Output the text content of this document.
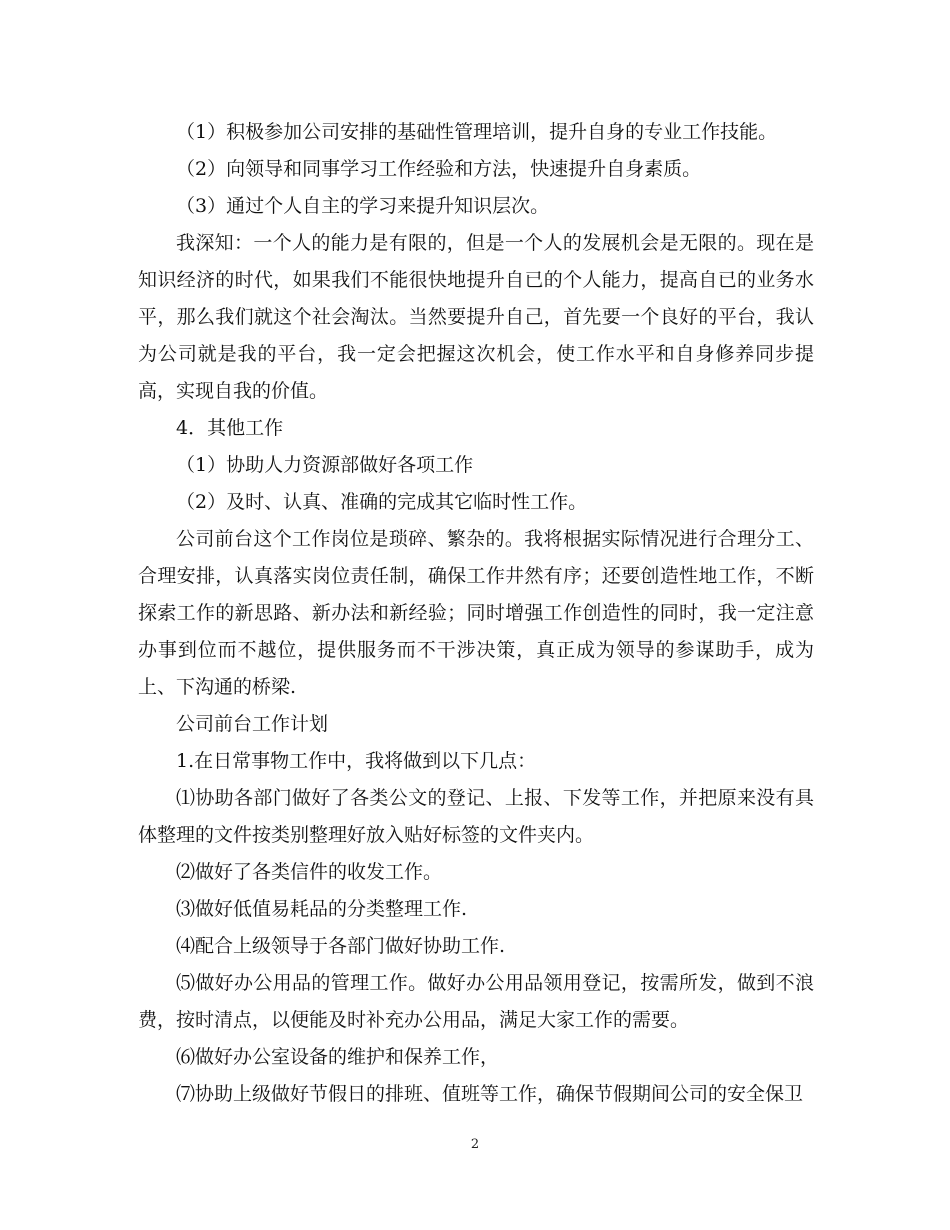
（1）积极参加公司安排的基础性管理培训，提升自身的专业工作技能。

（2）向领导和同事学习工作经验和方法，快速提升自身素质。

（3）通过个人自主的学习来提升知识层次。

我深知：一个人的能力是有限的，但是一个人的发展机会是无限的。现在是知识经济的时代，如果我们不能很快地提升自已的个人能力，提高自已的业务水平，那么我们就这个社会淘汰。当然要提升自己，首先要一个良好的平台，我认为公司就是我的平台，我一定会把握这次机会，使工作水平和自身修养同步提高，实现自我的价值。

4．其他工作

（1）协助人力资源部做好各项工作

（2）及时、认真、准确的完成其它临时性工作。

公司前台这个工作岗位是琐碎、繁杂的。我将根据实际情况进行合理分工、合理安排，认真落实岗位责任制，确保工作井然有序；还要创造性地工作，不断探索工作的新思路、新办法和新经验；同时增强工作创造性的同时，我一定注意办事到位而不越位，提供服务而不干涉决策，真正成为领导的参谋助手，成为上、下沟通的桥梁.

公司前台工作计划

1.在日常事物工作中，我将做到以下几点：

⑴协助各部门做好了各类公文的登记、上报、下发等工作，并把原来没有具体整理的文件按类别整理好放入贴好标签的文件夹内。

⑵做好了各类信件的收发工作。

⑶做好低值易耗品的分类整理工作.

⑷配合上级领导于各部门做好协助工作.

⑸做好办公用品的管理工作。做好办公用品领用登记，按需所发，做到不浪费，按时清点，以便能及时补充办公用品，满足大家工作的需要。

⑹做好办公室设备的维护和保养工作，

⑺协助上级做好节假日的排班、值班等工作，确保节假期间公司的安全保卫

2
